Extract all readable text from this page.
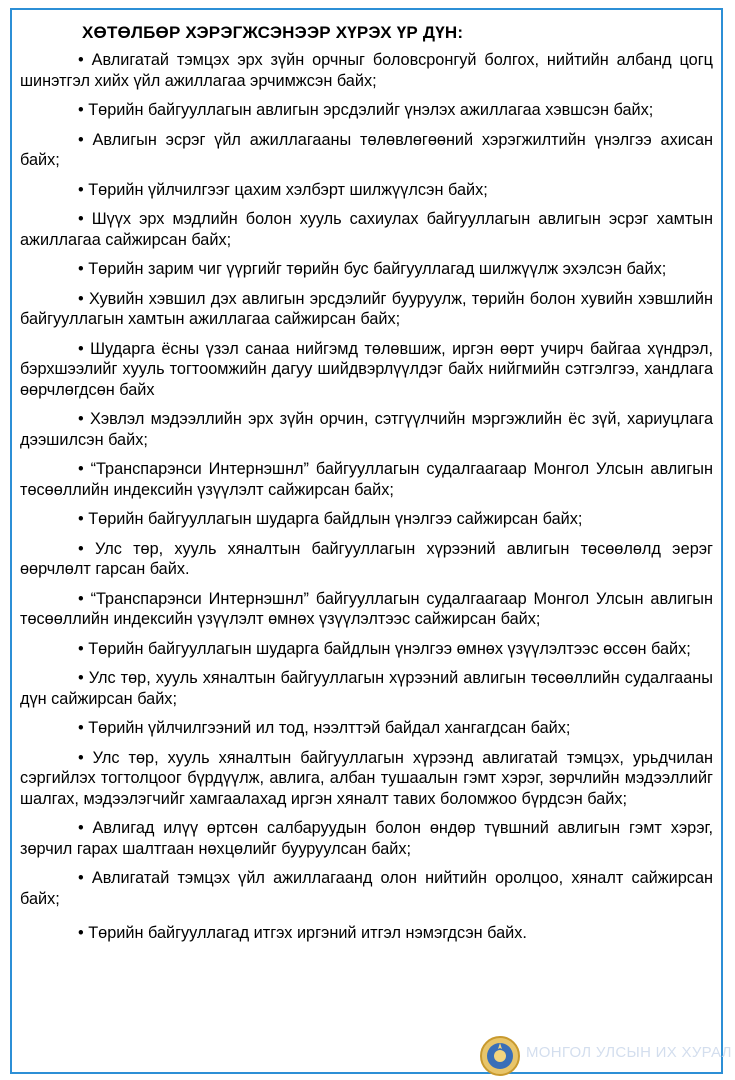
ХӨТӨЛБӨР ХЭРЭГЖСЭНЭЭР ХҮРЭХ ҮР ДҮН:

• Авлигатай тэмцэх эрх зүйн орчныг боловсронгуй болгох, нийтийн албанд цогц шинэтгэл хийх үйл ажиллагаа эрчимжсэн байх;

• Төрийн байгууллагын авлигын эрсдэлийг үнэлэх ажиллагаа хэвшсэн байх;

• Авлигын эсрэг үйл ажиллагааны төлөвлөгөөний хэрэгжилтийн үнэлгээ ахисан байх;

• Төрийн үйлчилгээг цахим хэлбэрт шилжүүлсэн байх;

• Шүүх эрх мэдлийн болон хууль сахиулах байгууллагын авлигын эсрэг хамтын ажиллагаа сайжирсан байх;

• Төрийн зарим чиг үүргийг төрийн бус байгууллагад шилжүүлж эхэлсэн байх;

• Хувийн хэвшил дэх авлигын эрсдэлийг бууруулж, төрийн болон хувийн хэвшлийн байгууллагын хамтын ажиллагаа сайжирсан байх;

• Шударга ёсны үзэл санаа нийгэмд төлөвшиж, иргэн өөрт учирч байгаа хүндрэл, бэрхшээлийг хууль тогтоомжийн дагуу шийдвэрлүүлдэг байх нийгмийн сэтгэлгээ, хандлага өөрчлөгдсөн байх

• Хэвлэл мэдээллийн эрх зүйн орчин, сэтгүүлчийн мэргэжлийн ёс зүй, хариуцлага дээшилсэн байх;

• “Транспарэнси Интернэшнл” байгууллагын судалгаагаар Монгол Улсын авлигын төсөөллийн индексийн үзүүлэлт сайжирсан байх;

• Төрийн байгууллагын шударга байдлын үнэлгээ сайжирсан байх;

• Улс төр, хууль хяналтын байгууллагын хүрээний авлигын төсөөлөлд эерэг өөрчлөлт гарсан байх.

• “Транспарэнси Интернэшнл” байгууллагын судалгаагаар Монгол Улсын авлигын төсөөллийн индексийн үзүүлэлт өмнөх үзүүлэлтээс сайжирсан байх;

• Төрийн байгууллагын шударга байдлын үнэлгээ өмнөх үзүүлэлтээс өссөн байх;

• Улс төр, хууль хяналтын байгууллагын хүрээний авлигын төсөөллийн судалгааны дүн сайжирсан байх;

• Төрийн үйлчилгээний ил тод, нээлттэй байдал хангагдсан байх;

• Улс төр, хууль хяналтын байгууллагын хүрээнд авлигатай тэмцэх, урьдчилан сэргийлэх тогтолцоог бүрдүүлж, авлига, албан тушаалын гэмт хэрэг, зөрчлийн мэдээллийг шалгах, мэдээлэгчийг хамгаалахад иргэн хяналт тавих боломжоо бүрдсэн байх;

• Авлигад илүү өртсөн салбаруудын болон өндөр түвшний авлигын гэмт хэрэг, зөрчил гарах шалтгаан нөхцөлийг бууруулсан байх;

• Авлигатай тэмцэх үйл ажиллагаанд олон нийтийн оролцоо, хяналт сайжирсан байх;

• Төрийн байгууллагад итгэх иргэний итгэл нэмэгдсэн байх.

МОНГОЛ УЛСЫН ИХ ХУРАЛ
